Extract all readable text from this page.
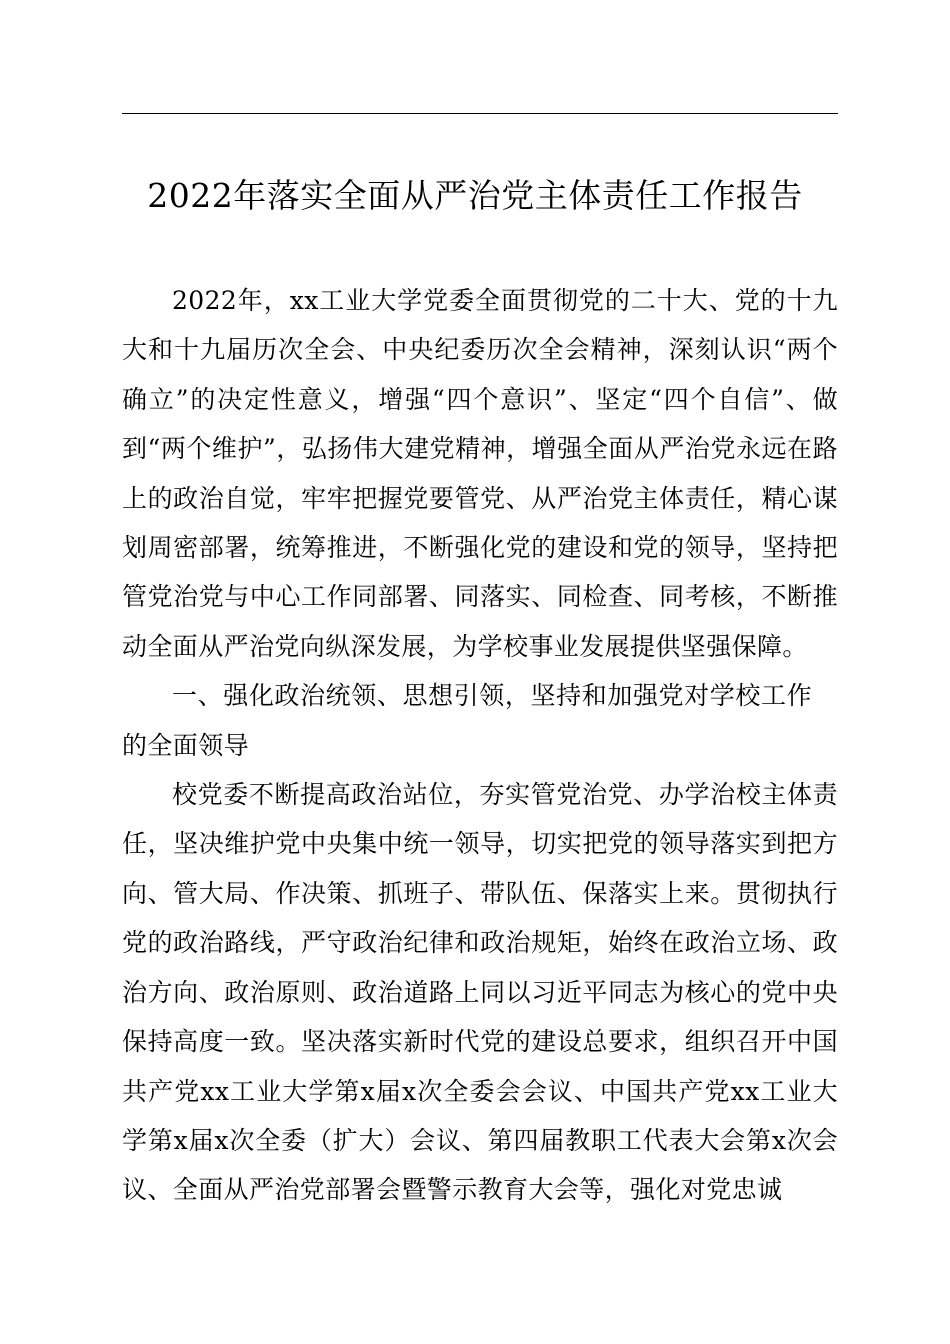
2022年落实全面从严治党主体责任工作报告

2022年，xx工业大学党委全面贯彻党的二十大、党的十九大和十九届历次全会、中央纪委历次全会精神，深刻认识“两个确立”的决定性意义，增强“四个意识”、坚定“四个自信”、做到“两个维护”，弘扬伟大建党精神，增强全面从严治党永远在路上的政治自觉，牢牢把握党要管党、从严治党主体责任，精心谋划周密部署，统筹推进，不断强化党的建设和党的领导，坚持把管党治党与中心工作同部署、同落实、同检查、同考核，不断推动全面从严治党向纵深发展，为学校事业发展提供坚强保障。

一、强化政治统领、思想引领，坚持和加强党对学校工作的全面领导

校党委不断提高政治站位，夯实管党治党、办学治校主体责任，坚决维护党中央集中统一领导，切实把党的领导落实到把方向、管大局、作决策、抓班子、带队伍、保落实上来。贯彻执行党的政治路线，严守政治纪律和政治规矩，始终在政治立场、政治方向、政治原则、政治道路上同以习近平同志为核心的党中央保持高度一致。坚决落实新时代党的建设总要求，组织召开中国共产党xx工业大学第x届x次全委会会议、中国共产党xx工业大学第x届x次全委（扩大）会议、第四届教职工代表大会第x次会议、全面从严治党部署会暨警示教育大会等，强化对党忠诚
